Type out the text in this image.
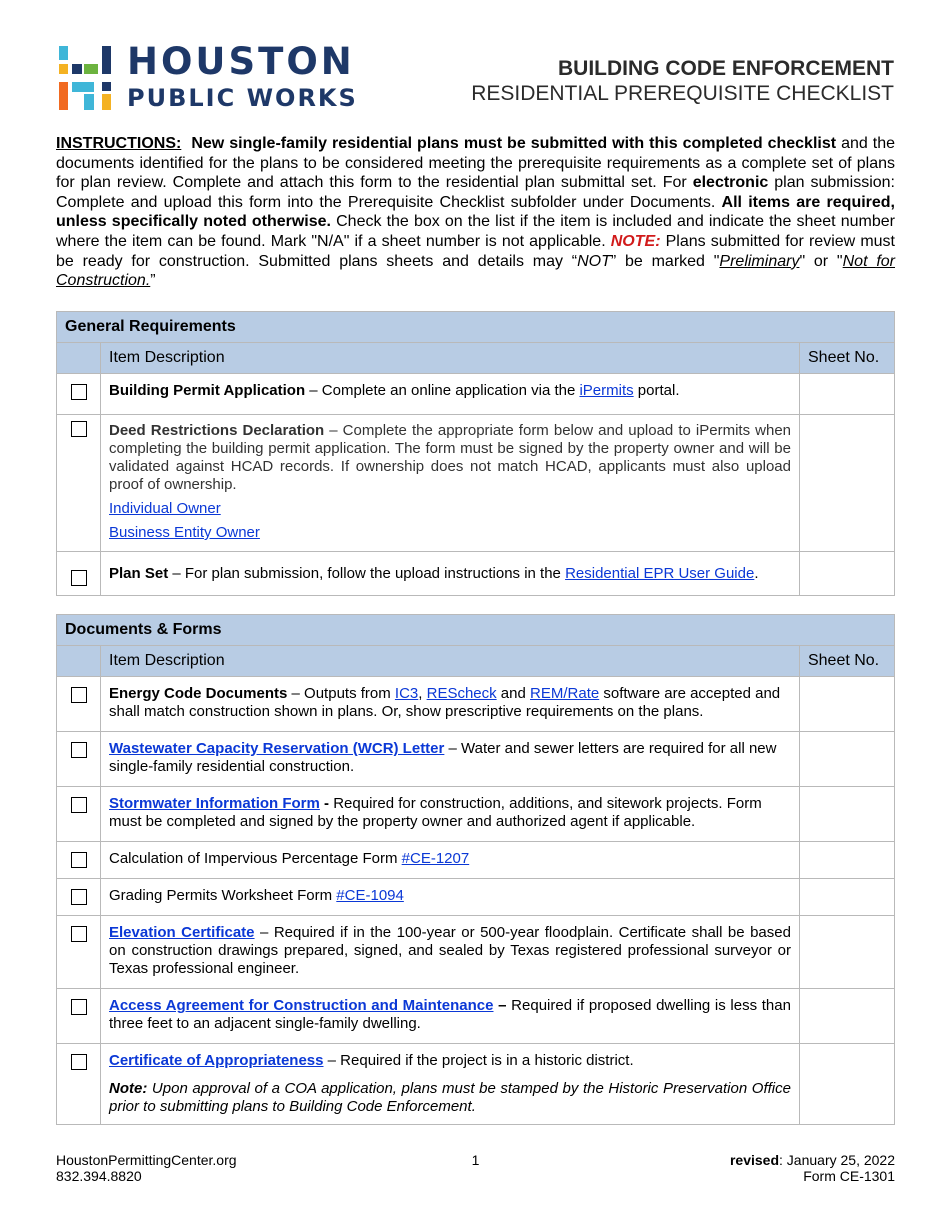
HOUSTON
PUBLIC WORKS
BUILDING CODE ENFORCEMENT
RESIDENTIAL PREREQUISITE CHECKLIST
INSTRUCTIONS: New single-family residential plans must be submitted with this completed checklist and the documents identified for the plans to be considered meeting the prerequisite requirements as a complete set of plans for plan review. Complete and attach this form to the residential plan submittal set. For electronic plan submission: Complete and upload this form into the Prerequisite Checklist subfolder under Documents. All items are required, unless specifically noted otherwise. Check the box on the list if the item is included and indicate the sheet number where the item can be found. Mark "N/A" if a sheet number is not applicable. NOTE: Plans submitted for review must be ready for construction. Submitted plans sheets and details may “NOT” be marked "Preliminary" or "Not for Construction.”
General Requirements		
	Item Description	Sheet No.
	Building Permit Application – Complete an online application via the iPermits portal.	
	Deed Restrictions Declaration – Complete the appropriate form below and upload to iPermits when completing the building permit application. The form must be signed by the property owner and will be validated against HCAD records. If ownership does not match HCAD, applicants must also upload proof of ownership.
Individual Owner
Business Entity Owner	

	Plan Set – For plan submission, follow the upload instructions in the Residential EPR User Guide.	
Documents & Forms		
	Item Description	Sheet No.
	Energy Code Documents – Outputs from IC3, REScheck and REM/Rate software are accepted and shall match construction shown in plans. Or, show prescriptive requirements on the plans.	
	Wastewater Capacity Reservation (WCR) Letter – Water and sewer letters are required for all new single-family residential construction.	
	Stormwater Information Form - Required for construction, additions, and sitework projects. Form must be completed and signed by the property owner and authorized agent if applicable.	
	Calculation of Impervious Percentage Form #CE-1207	
	Grading Permits Worksheet Form #CE-1094	
	Elevation Certificate – Required if in the 100-year or 500-year floodplain. Certificate shall be based on construction drawings prepared, signed, and sealed by Texas registered professional surveyor or Texas professional engineer.	
	Access Agreement for Construction and Maintenance – Required if proposed dwelling is less than three feet to an adjacent single-family dwelling.	
	Certificate of Appropriateness – Required if the project is in a historic district.
Note: Upon approval of a COA application, plans must be stamped by the Historic Preservation Office prior to submitting plans to Building Code Enforcement.	

HoustonPermittingCenter.org
832.394.8820
1	revised: January 25, 2022
Form CE-1301
